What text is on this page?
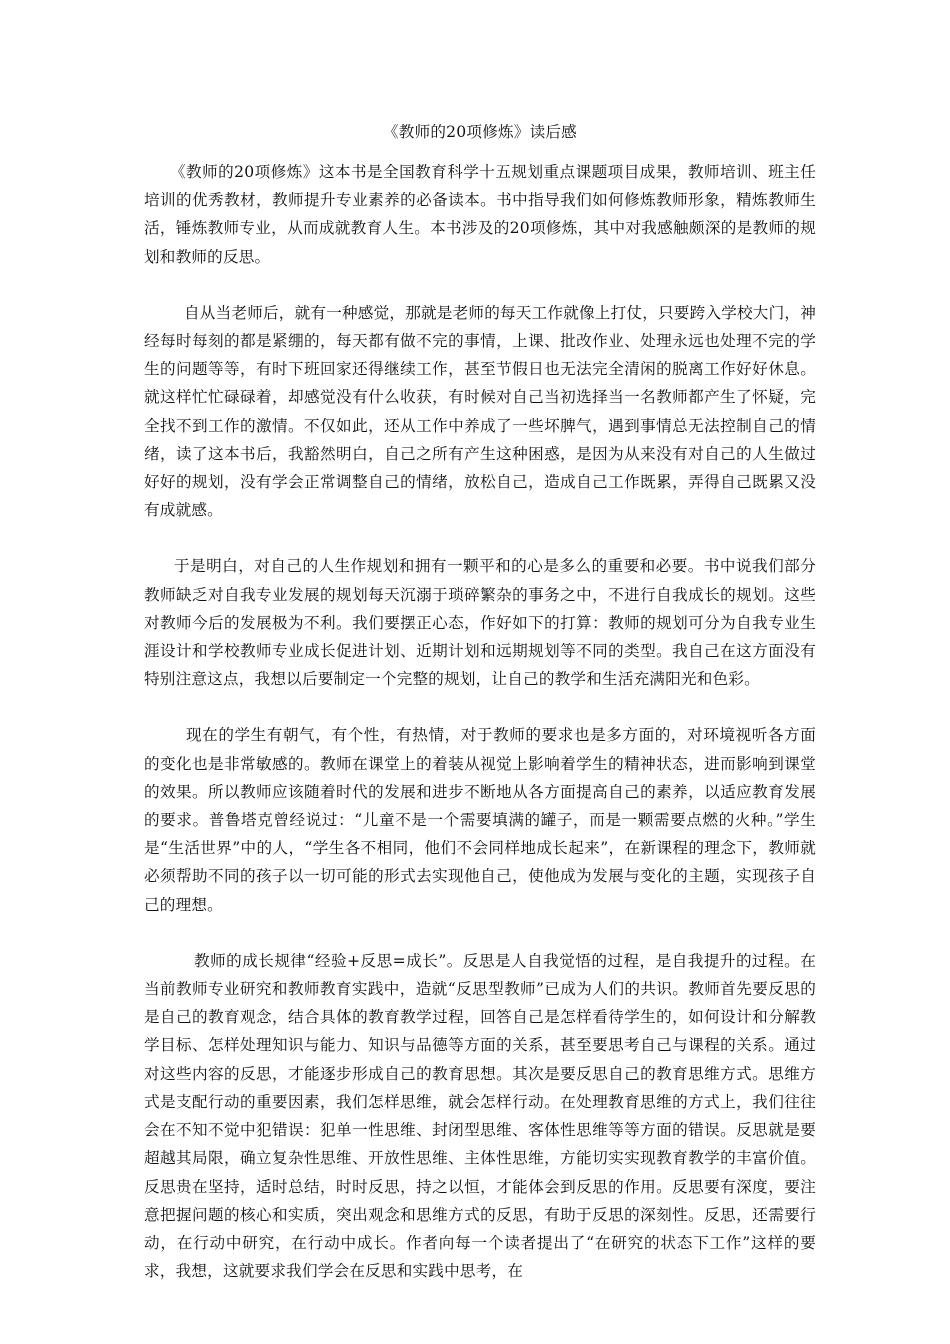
《教师的20项修炼》读后感

《教师的20项修炼》这本书是全国教育科学十五规划重点课题项目成果，教师培训、班主任培训的优秀教材，教师提升专业素养的必备读本。书中指导我们如何修炼教师形象，精炼教师生活，锤炼教师专业，从而成就教育人生。本书涉及的20项修炼，其中对我感触颇深的是教师的规划和教师的反思。

自从当老师后，就有一种感觉，那就是老师的每天工作就像上打仗，只要跨入学校大门，神经每时每刻的都是紧绷的，每天都有做不完的事情，上课、批改作业、处理永远也处理不完的学生的问题等等，有时下班回家还得继续工作，甚至节假日也无法完全清闲的脱离工作好好休息。就这样忙忙碌碌着，却感觉没有什么收获，有时候对自己当初选择当一名教师都产生了怀疑，完全找不到工作的激情。不仅如此，还从工作中养成了一些坏脾气，遇到事情总无法控制自己的情绪，读了这本书后，我豁然明白，自己之所有产生这种困惑，是因为从来没有对自己的人生做过好好的规划，没有学会正常调整自己的情绪，放松自己，造成自己工作既累，弄得自己既累又没有成就感。

于是明白，对自己的人生作规划和拥有一颗平和的心是多么的重要和必要。书中说我们部分教师缺乏对自我专业发展的规划每天沉溺于琐碎繁杂的事务之中，不进行自我成长的规划。这些对教师今后的发展极为不利。我们要摆正心态，作好如下的打算：教师的规划可分为自我专业生涯设计和学校教师专业成长促进计划、近期计划和远期规划等不同的类型。我自己在这方面没有特别注意这点，我想以后要制定一个完整的规划，让自己的教学和生活充满阳光和色彩。

现在的学生有朝气，有个性，有热情，对于教师的要求也是多方面的，对环境视听各方面的变化也是非常敏感的。教师在课堂上的着装从视觉上影响着学生的精神状态，进而影响到课堂的效果。所以教师应该随着时代的发展和进步不断地从各方面提高自己的素养，以适应教育发展的要求。普鲁塔克曾经说过：“儿童不是一个需要填满的罐子，而是一颗需要点燃的火种。”学生是“生活世界”中的人，“学生各不相同，他们不会同样地成长起来”，在新课程的理念下，教师就必须帮助不同的孩子以一切可能的形式去实现他自己，使他成为发展与变化的主题，实现孩子自己的理想。

教师的成长规律“经验+反思=成长”。反思是人自我觉悟的过程，是自我提升的过程。在当前教师专业研究和教师教育实践中，造就“反思型教师”已成为人们的共识。教师首先要反思的是自己的教育观念，结合具体的教育教学过程，回答自己是怎样看待学生的，如何设计和分解教学目标、怎样处理知识与能力、知识与品德等方面的关系，甚至要思考自己与课程的关系。通过对这些内容的反思，才能逐步形成自己的教育思想。其次是要反思自己的教育思维方式。思维方式是支配行动的重要因素，我们怎样思维，就会怎样行动。在处理教育思维的方式上，我们往往会在不知不觉中犯错误：犯单一性思维、封闭型思维、客体性思维等等方面的错误。反思就是要超越其局限，确立复杂性思维、开放性思维、主体性思维，方能切实实现教育教学的丰富价值。反思贵在坚持，适时总结，时时反思，持之以恒，才能体会到反思的作用。反思要有深度，要注意把握问题的核心和实质，突出观念和思维方式的反思，有助于反思的深刻性。反思，还需要行动，在行动中研究，在行动中成长。作者向每一个读者提出了“在研究的状态下工作”这样的要求，我想，这就要求我们学会在反思和实践中思考，在
